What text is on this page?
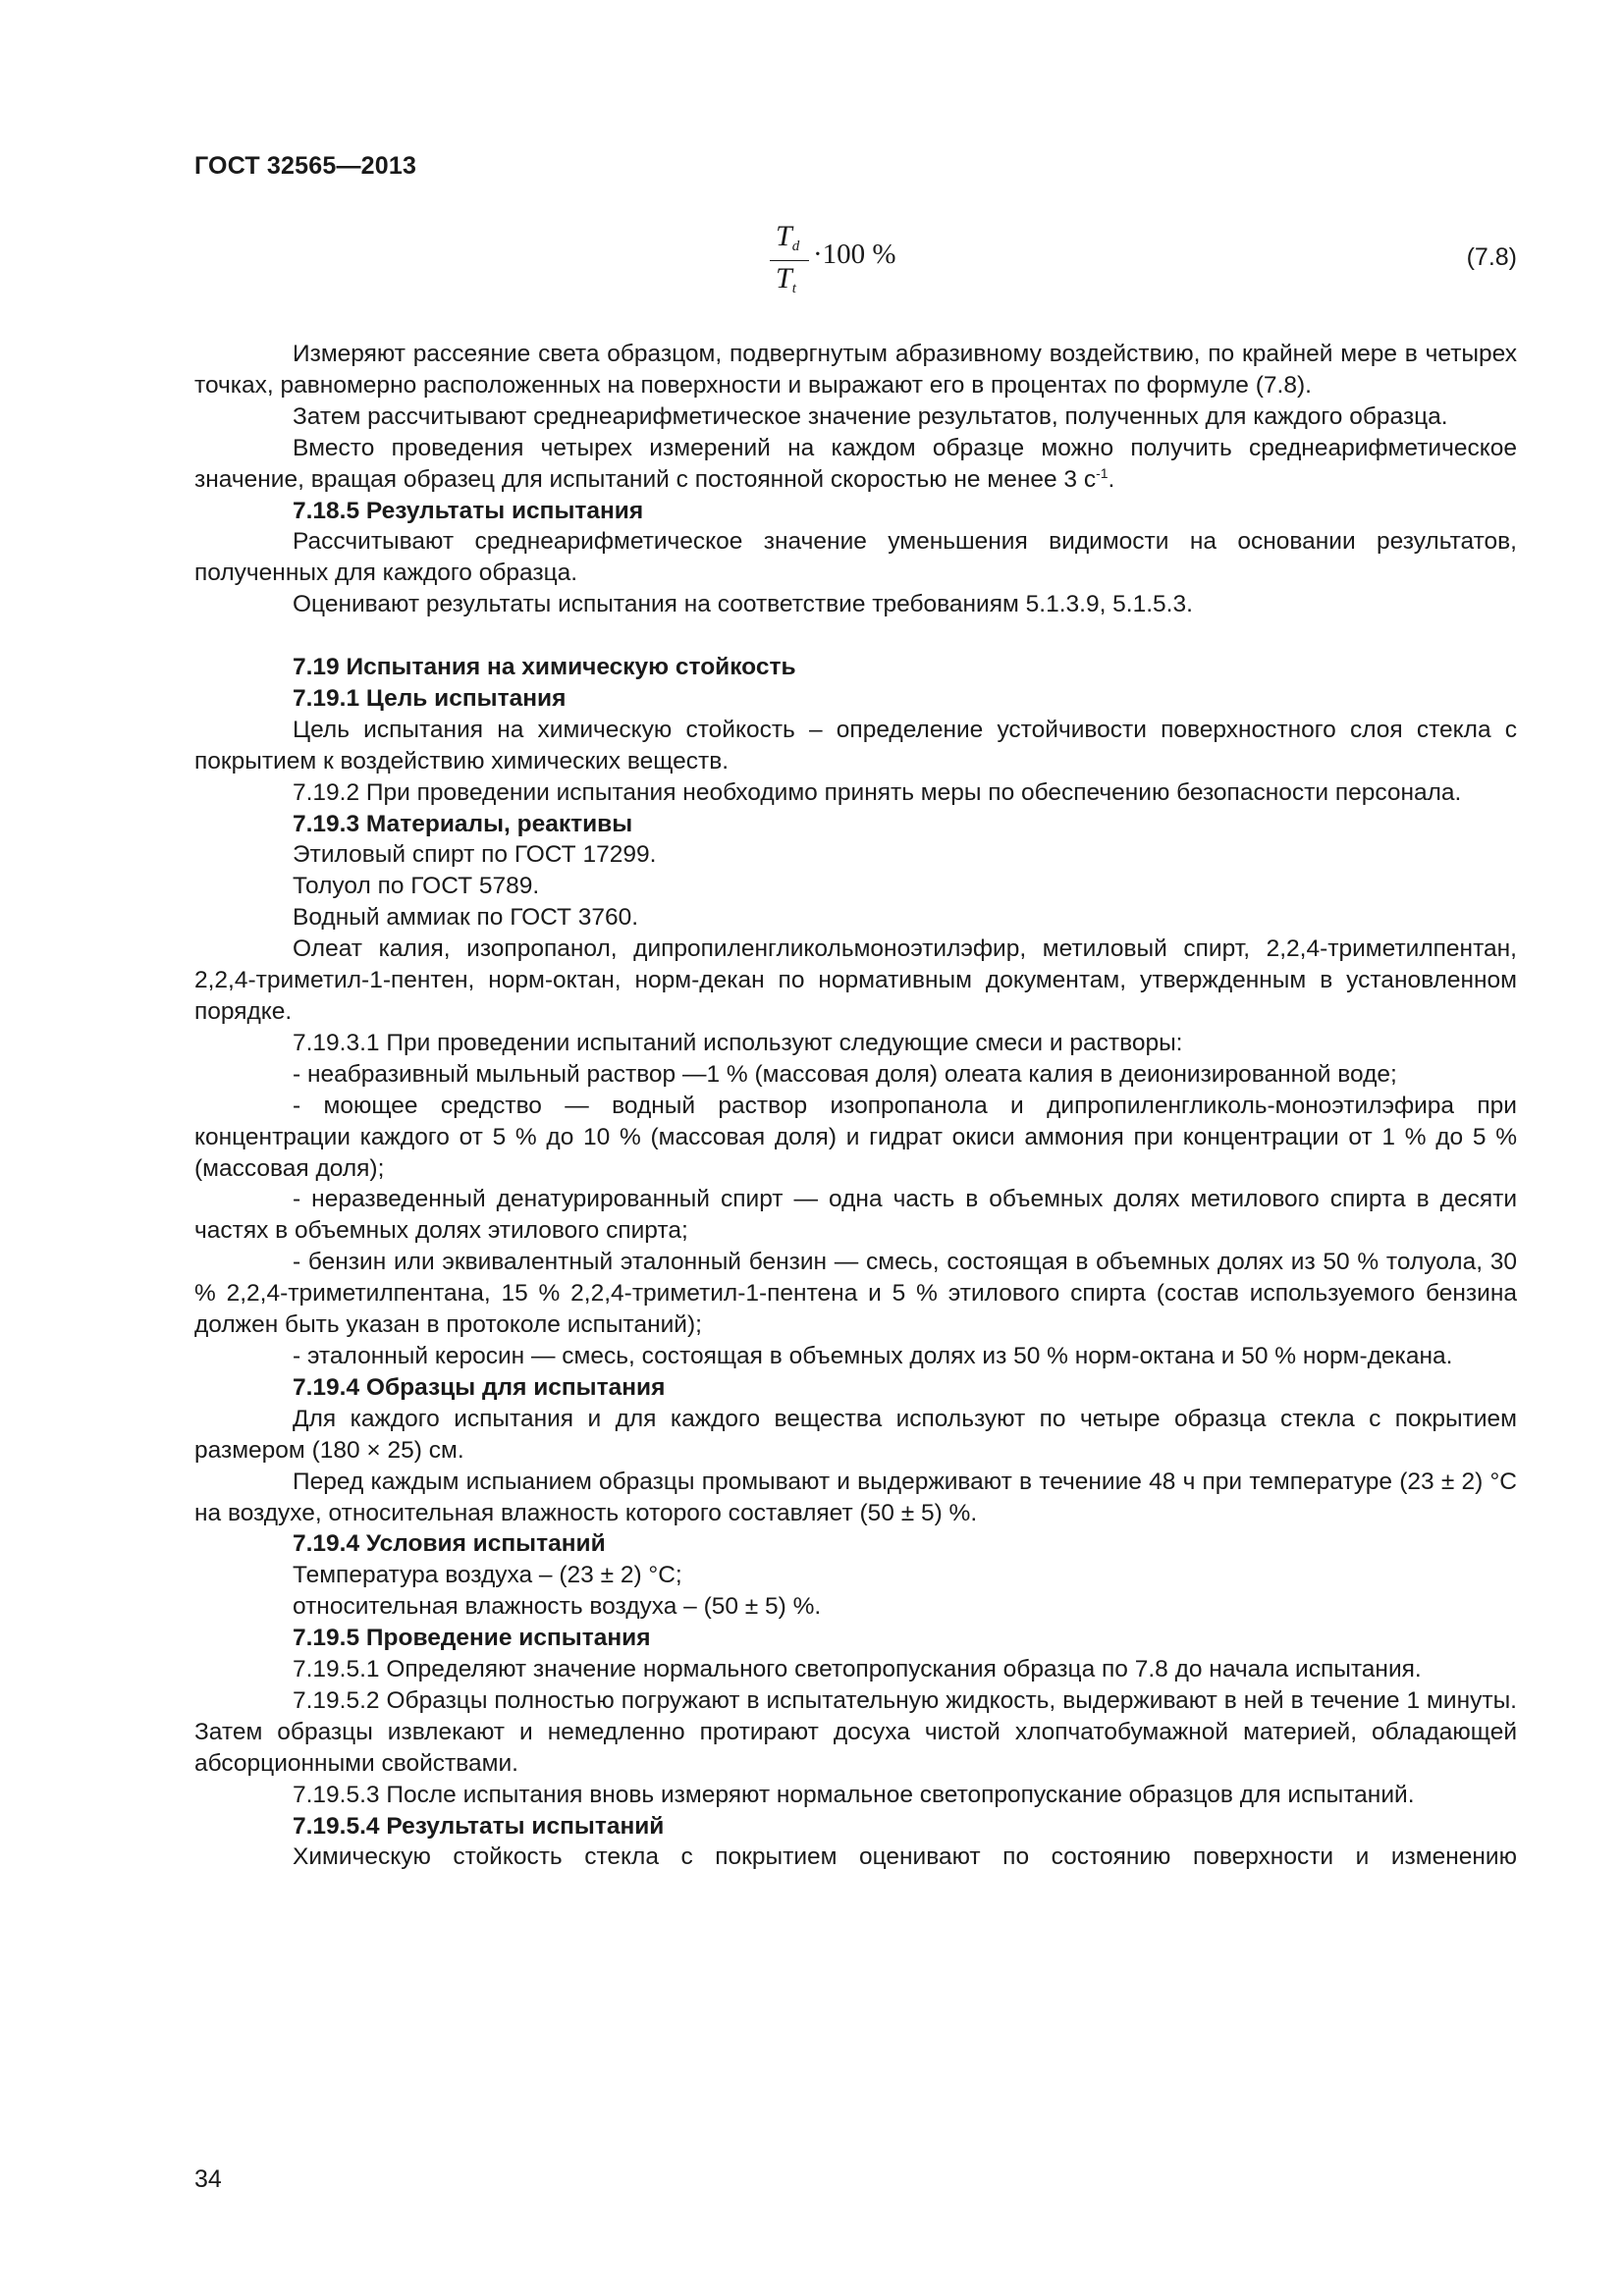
ГОСТ 32565—2013
$T_d$
$T_t$
·100 %	(7.8)

Измеряют рассеяние света образцом, подвергнутым абразивному воздействию, по крайней мере в четырех точках, равномерно расположенных на поверхности и выражают его в процентах по формуле (7.8).

Затем рассчитывают среднеарифметическое значение результатов, полученных для каждого образца.

Вместо проведения четырех измерений на каждом образце можно получить среднеарифметическое значение, вращая образец для испытаний с постоянной скоростью не менее 3 $с^{-1}$.

7.18.5 Результаты испытания

Рассчитывают среднеарифметическое значение уменьшения видимости на основании результатов, полученных для каждого образца.

Оценивают результаты испытания на соответствие требованиям 5.1.3.9, 5.1.5.3.

7.19 Испытания на химическую стойкость

7.19.1 Цель испытания

Цель испытания на химическую стойкость – определение устойчивости поверхностного слоя стекла с покрытием к воздействию химических веществ.

7.19.2 При проведении испытания необходимо принять меры по обеспечению безопасности персонала.

7.19.3 Материалы, реактивы

Этиловый спирт по ГОСТ 17299.

Толуол по ГОСТ 5789.

Водный аммиак по ГОСТ 3760.

Олеат калия, изопропанол, дипропиленгликольмоноэтилэфир, метиловый спирт, 2,2,4-триметилпентан, 2,2,4-триметил-1-пентен, норм-октан, норм-декан по нормативным документам, утвержденным в установленном порядке.

7.19.3.1 При проведении испытаний используют следующие смеси и растворы:

- неабразивный мыльный раствор —1 % (массовая доля) олеата калия в деионизированной воде;

- моющее средство — водный раствор изопропанола и дипропиленгликоль-моноэтилэфира при концентрации каждого от 5 % до 10 % (массовая доля) и гидрат окиси аммония при концентрации от 1 % до 5 % (массовая доля);

- неразведенный денатурированный спирт — одна часть в объемных долях метилового спирта в десяти частях в объемных долях этилового спирта;

- бензин или эквивалентный эталонный бензин — смесь, состоящая в объемных долях из 50 % толуола, 30 % 2,2,4-триметилпентана, 15 % 2,2,4-триметил-1-пентена и 5 % этилового спирта (состав используемого бензина должен быть указан в протоколе испытаний);

- эталонный керосин — смесь, состоящая в объемных долях из 50 % норм-октана и 50 % норм-декана.

7.19.4 Образцы для испытания

Для каждого испытания и для каждого вещества используют по четыре образца стекла с покрытием размером (180 × 25) см.

Перед каждым испыанием образцы промывают и выдерживают в течениие 48 ч при температуре (23 ± 2) °С на воздухе, относительная влажность которого составляет (50 ± 5) %.

7.19.4 Условия испытаний

Температура воздуха – (23 ± 2) °С;

относительная влажность воздуха – (50 ± 5) %.

7.19.5 Проведение испытания

7.19.5.1 Определяют значение нормального светопропускания образца по 7.8 до начала испытания.

7.19.5.2 Образцы полностью погружают в испытательную жидкость, выдерживают в ней в течение 1 минуты. Затем образцы извлекают и немедленно протирают досуха чистой хлопчатобумажной материей, обладающей абсорционными свойствами.

7.19.5.3 После испытания вновь измеряют нормальное светопропускание образцов для испытаний.

7.19.5.4 Результаты испытаний

Химическую стойкость стекла с покрытием оценивают по состоянию поверхности и изменению

34
